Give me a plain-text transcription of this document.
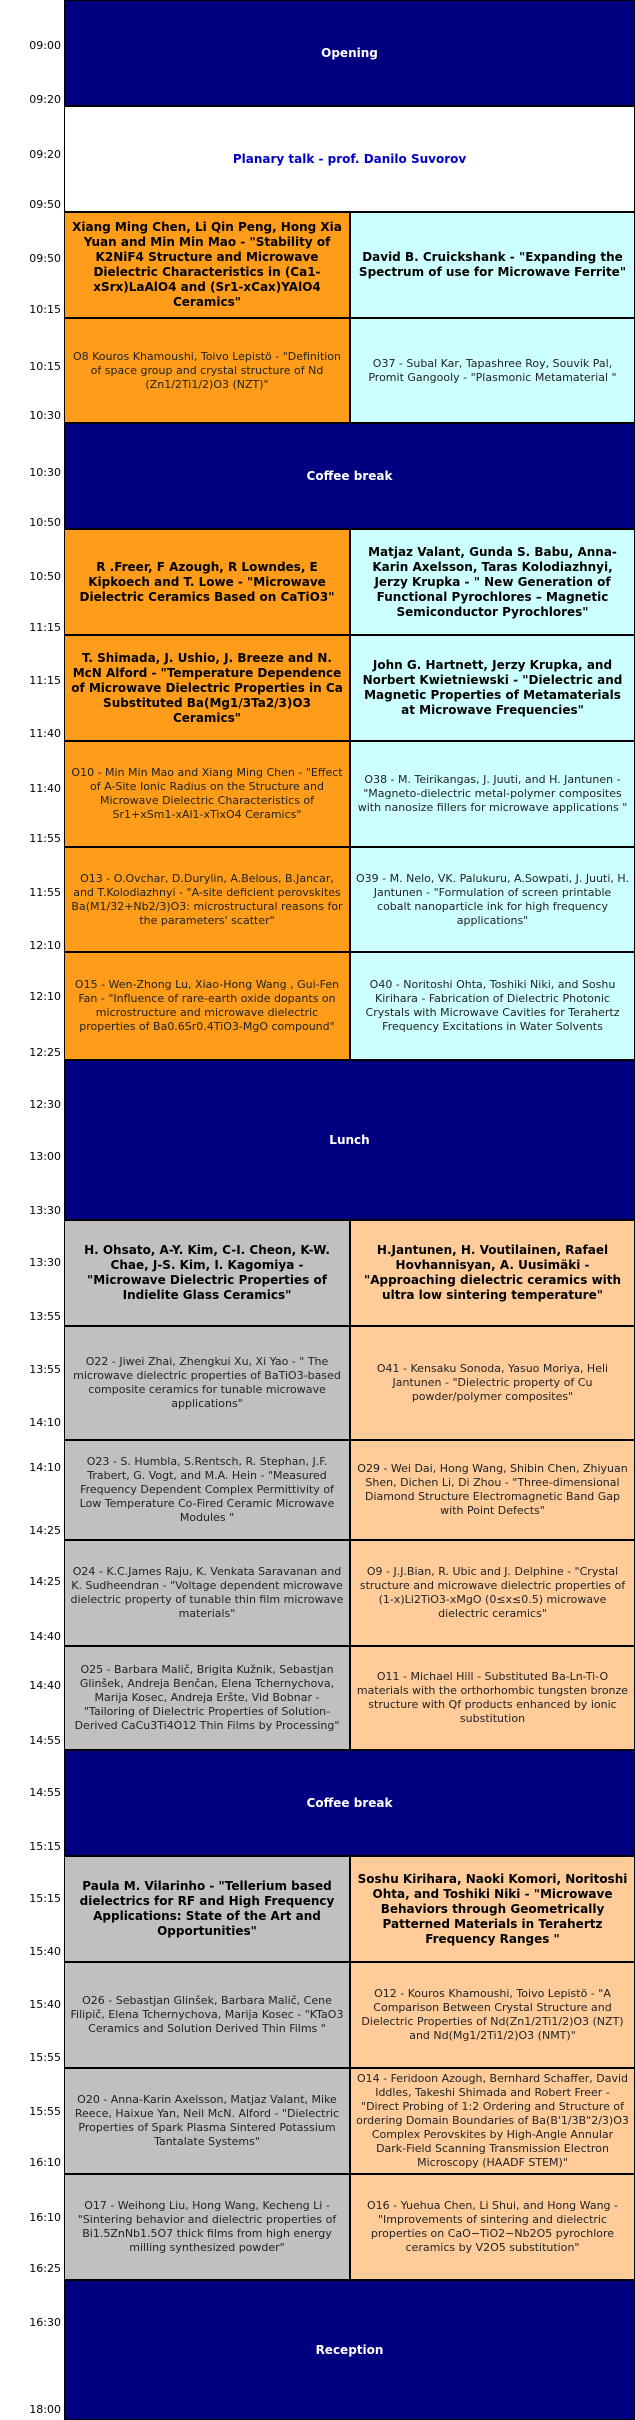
09:00
09:20
09:20
09:50
09:50
10:15
10:15
10:30
10:30
10:50
10:50
11:15
11:15
11:40
11:40
11:55
11:55
12:10
12:10
12:25
12:30
13:00
13:30
13:30
13:55
13:55
14:10
14:10
14:25
14:25
14:40
14:40
14:55
14:55
15:15
15:15
15:40
15:40
15:55
15:55
16:10
16:10
16:25
16:30
18:00
Opening
Planary talk - prof. Danilo Suvorov
Xiang Ming Chen, Li Qin Peng, Hong Xia Yuan and Min Min Mao - "Stability of K2NiF4 Structure and Microwave Dielectric Characteristics in (Ca1-xSrx)LaAlO4 and (Sr1-xCax)YAlO4 Ceramics"
David B. Cruickshank - "Expanding the Spectrum of use for Microwave Ferrite"
O8 Kouros Khamoushi, Toivo Lepistö - "Definition of space group and crystal structure of Nd (Zn1/2Ti1/2)O3 (NZT)"
O37 - Subal Kar, Tapashree Roy, Souvik Pal, Promit Gangooly - "Plasmonic Metamaterial "
Coffee break
R .Freer, F Azough, R Lowndes, E Kipkoech and T. Lowe - "Microwave Dielectric Ceramics Based on CaTiO3"
Matjaz Valant, Gunda S. Babu, Anna-Karin Axelsson, Taras Kolodiazhnyi, Jerzy Krupka - " New Generation of Functional Pyrochlores – Magnetic Semiconductor Pyrochlores"
T. Shimada, J. Ushio, J. Breeze and N. McN Alford - "Temperature Dependence of Microwave Dielectric Properties in Ca Substituted Ba(Mg1/3Ta2/3)O3 Ceramics"
John G. Hartnett, Jerzy Krupka, and Norbert Kwietniewski - "Dielectric and Magnetic Properties of Metamaterials at Microwave Frequencies"
O10 - Min Min Mao and Xiang Ming Chen - "Effect of A-Site Ionic Radius on the Structure and Microwave Dielectric Characteristics of Sr1+xSm1-xAl1-xTixO4 Ceramics"
O38 - M. Teirikangas, J. Juuti, and H. Jantunen - "Magneto-dielectric metal-polymer composites with nanosize fillers for microwave applications "
O13 - O.Ovchar, D.Durylin, A.Belous, B.Jancar, and T.Kolodiazhnyi - "A-site deficient perovskites Ba(M1/32+Nb2/3)O3: microstructural reasons for the parameters' scatter"
O39 - M. Nelo, VK. Palukuru, A.Sowpati, J. Juuti, H. Jantunen - "Formulation of screen printable cobalt nanoparticle ink for high frequency applications"
O15 - Wen-Zhong Lu, Xiao-Hong Wang , Gui-Fen Fan - "Influence of rare-earth oxide dopants on microstructure and microwave dielectric properties of Ba0.6Sr0.4TiO3-MgO compound"
O40 - Noritoshi Ohta, Toshiki Niki, and Soshu Kirihara - Fabrication of Dielectric Photonic Crystals with Microwave Cavities for Terahertz Frequency Excitations in Water Solvents
Lunch
H. Ohsato, A-Y. Kim, C-I. Cheon, K-W. Chae, J-S. Kim, I. Kagomiya - "Microwave Dielectric Properties of Indielite Glass Ceramics"
H.Jantunen, H. Voutilainen, Rafael Hovhannisyan, A. Uusimäki - "Approaching dielectric ceramics with ultra low sintering temperature"
O22 - Jiwei Zhai, Zhengkui Xu, Xi Yao - " The microwave dielectric properties of BaTiO3-based composite ceramics for tunable microwave applications"
O41 - Kensaku Sonoda, Yasuo Moriya, Heli Jantunen - "Dielectric property of Cu powder/polymer composites"
O23 - S. Humbla, S.Rentsch, R. Stephan, J.F. Trabert, G. Vogt, and M.A. Hein - "Measured Frequency Dependent Complex Permittivity of Low Temperature Co-Fired Ceramic Microwave Modules "
O29 - Wei Dai, Hong Wang, Shibin Chen, Zhiyuan Shen, Dichen Li, Di Zhou - "Three-dimensional Diamond Structure Electromagnetic Band Gap with Point Defects"
O24 - K.C.James Raju, K. Venkata Saravanan and K. Sudheendran - "Voltage dependent microwave dielectric property of tunable thin film microwave materials"
O9 - J.J.Bian, R. Ubic and J. Delphine - "Crystal structure and microwave dielectric properties of (1-x)Li2TiO3-xMgO (0≤x≤0.5) microwave dielectric ceramics"
O25 - Barbara Malič, Brigita Kužnik, Sebastjan Glinšek, Andreja Benčan, Elena Tchernychova, Marija Kosec, Andreja Eršte, Vid Bobnar - "Tailoring of Dielectric Properties of Solution-Derived CaCu3Ti4O12 Thin Films by Processing"
O11 - Michael Hill - Substituted Ba-Ln-Ti-O materials with the orthorhombic tungsten bronze structure with Qf products enhanced by ionic substitution
Coffee break
Paula M. Vilarinho - "Tellerium based dielectrics for RF and High Frequency Applications: State of the Art and Opportunities"
Soshu Kirihara, Naoki Komori, Noritoshi Ohta, and Toshiki Niki - "Microwave Behaviors through Geometrically Patterned Materials in Terahertz Frequency Ranges "
O26 - Sebastjan Glinšek, Barbara Malič, Cene Filipič, Elena Tchernychova, Marija Kosec - "KTaO3 Ceramics and Solution Derived Thin Films "
O12 - Kouros Khamoushi, Toivo Lepistö - "A Comparison Between Crystal Structure and Dielectric Properties of Nd(Zn1/2Ti1/2)O3 (NZT) and Nd(Mg1/2Ti1/2)O3 (NMT)"
O20 - Anna-Karin Axelsson, Matjaz Valant, Mike Reece, Haixue Yan, Neil McN. Alford - "Dielectric Properties of Spark Plasma Sintered Potassium Tantalate Systems"
O14 - Feridoon Azough, Bernhard Schaffer, David Iddles, Takeshi Shimada and Robert Freer - "Direct Probing of 1:2 Ordering and Structure of ordering Domain Boundaries of Ba(B'1/3B"2/3)O3 Complex Perovskites by High-Angle Annular Dark-Field Scanning Transmission Electron Microscopy (HAADF STEM)"
O17 - Weihong Liu, Hong Wang, Kecheng Li - "Sintering behavior and dielectric properties of Bi1.5ZnNb1.5O7 thick films from high energy milling synthesized powder"
O16 - Yuehua Chen, Li Shui, and Hong Wang - "Improvements of sintering and dielectric properties on CaO−TiO2−Nb2O5 pyrochlore ceramics by V2O5 substitution"
Reception
